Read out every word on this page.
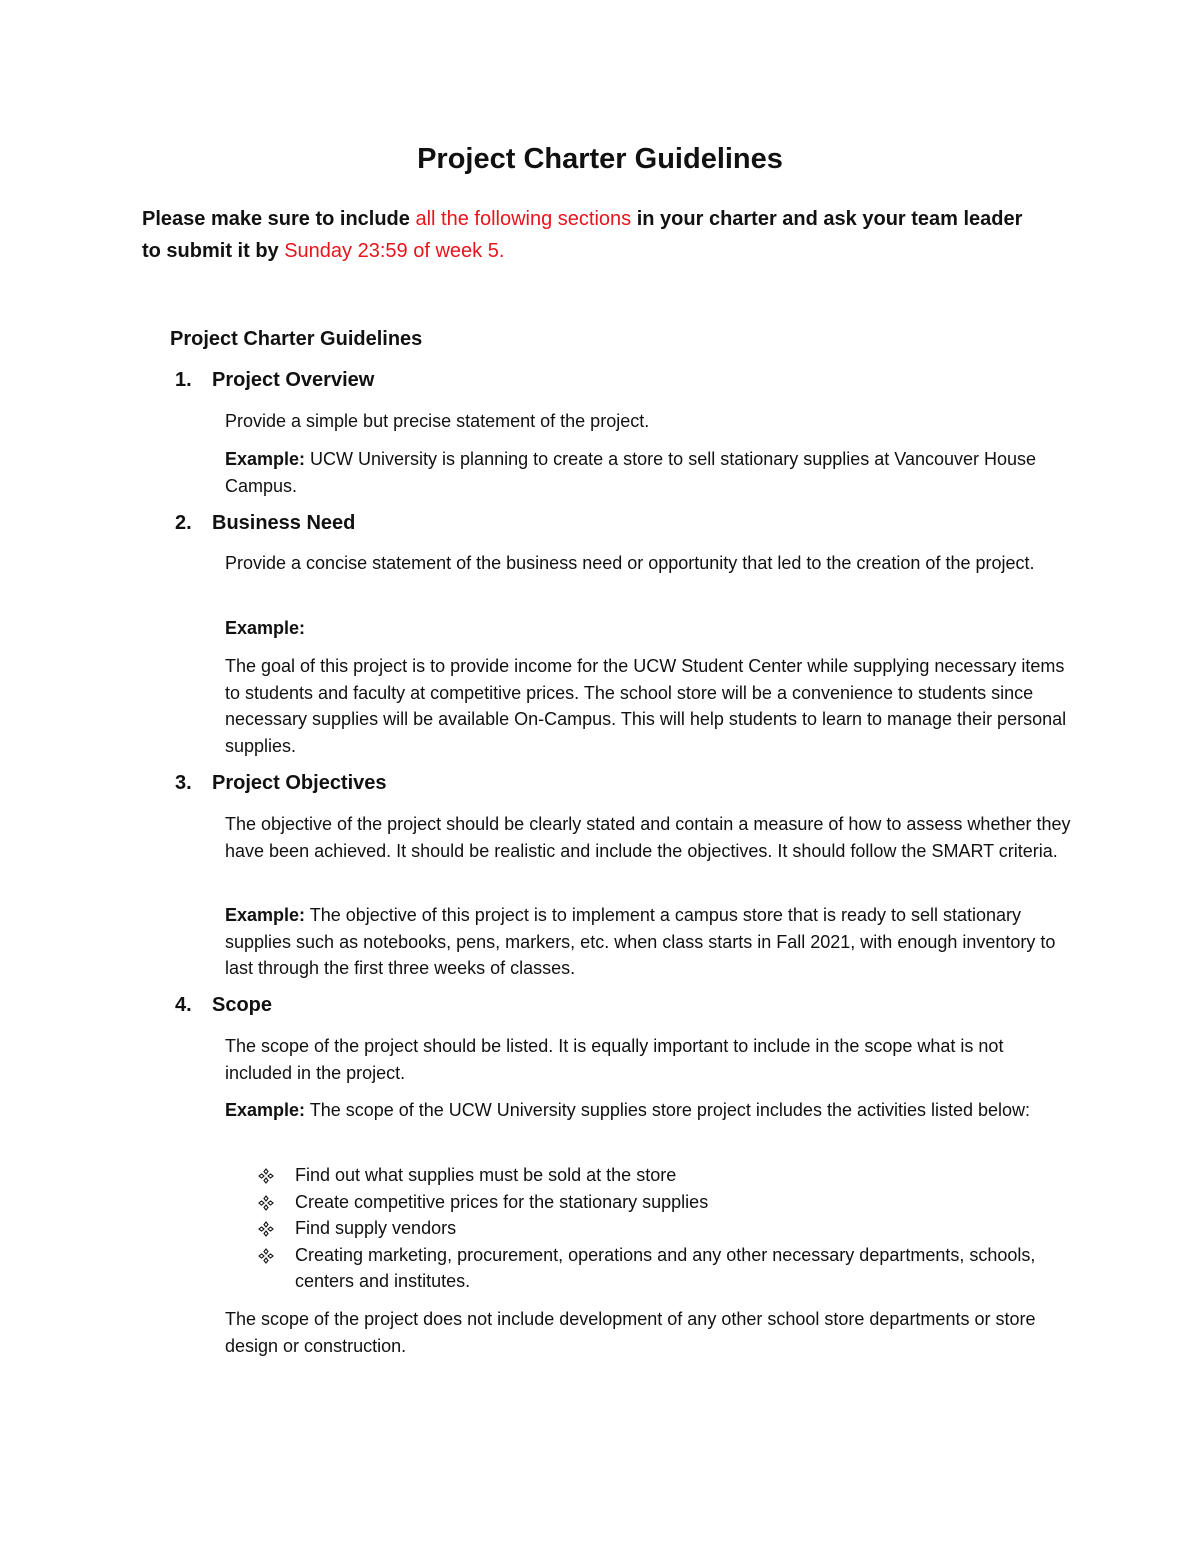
Project Charter Guidelines

Please make sure to include all the following sections in your charter and ask your team leader
to submit it by Sunday 23:59 of week 5.

Project Charter Guidelines
1. Project Overview

Provide a simple but precise statement of the project.

Example: UCW University is planning to create a store to sell stationary supplies at Vancouver House Campus.

2. Business Need

Provide a concise statement of the business need or opportunity that led to the creation of the project.

Example:

The goal of this project is to provide income for the UCW Student Center while supplying necessary items to students and faculty at competitive prices. The school store will be a convenience to students since necessary supplies will be available On-Campus. This will help students to learn to manage their personal supplies.

3. Project Objectives

The objective of the project should be clearly stated and contain a measure of how to assess whether they have been achieved. It should be realistic and include the objectives. It should follow the SMART criteria.

Example: The objective of this project is to implement a campus store that is ready to sell stationary supplies such as notebooks, pens, markers, etc. when class starts in Fall 2021, with enough inventory to last through the first three weeks of classes.

4. Scope

The scope of the project should be listed. It is equally important to include in the scope what is not included in the project.

Example: The scope of the UCW University supplies store project includes the activities listed below:

Find out what supplies must be sold at the store
Create competitive prices for the stationary supplies
Find supply vendors
Creating marketing, procurement, operations and any other necessary departments, schools, centers and institutes.

The scope of the project does not include development of any other school store departments or store design or construction.
